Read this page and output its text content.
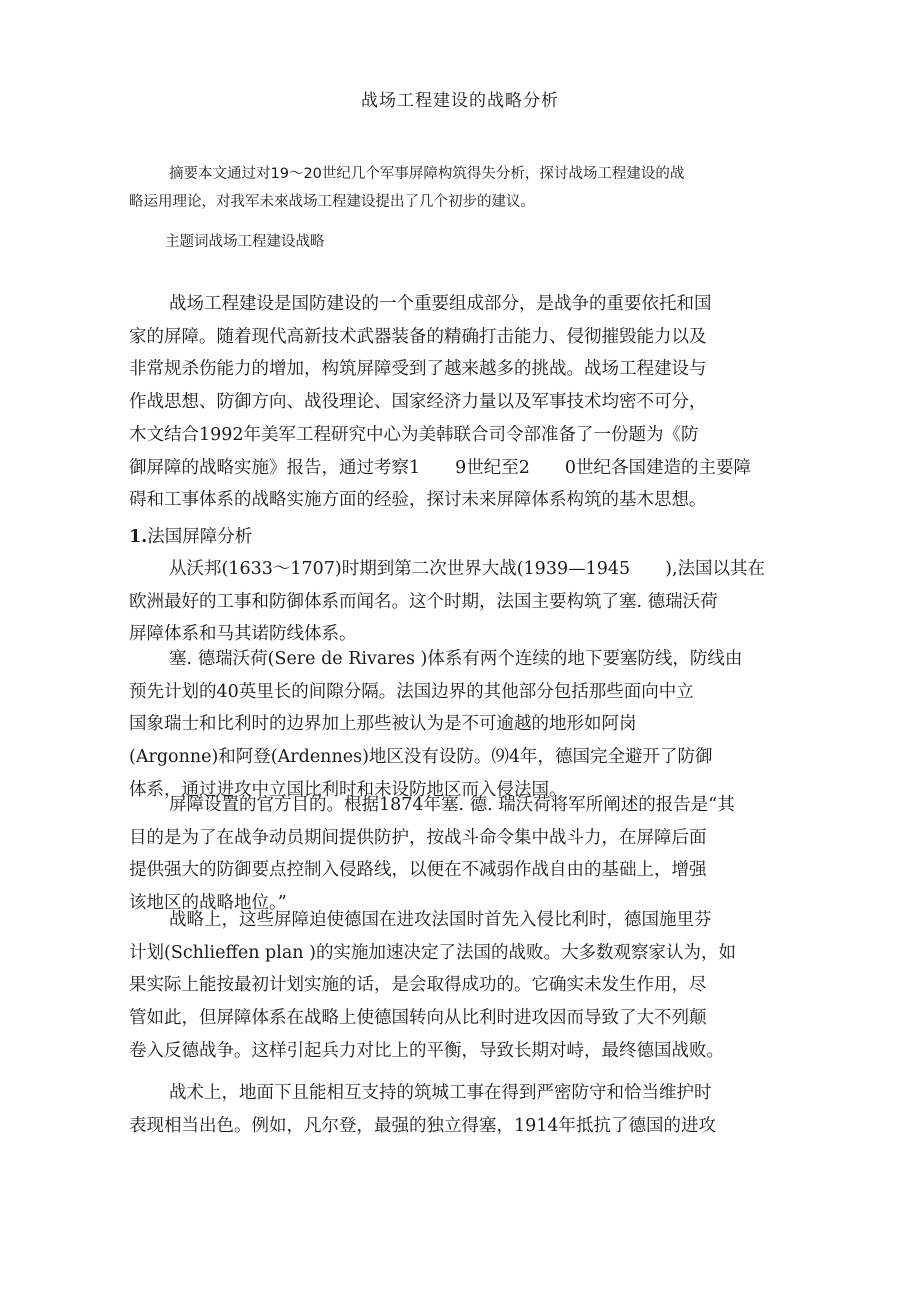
战场工程建设的战略分析
摘要本文通过对19～20世纪几个军事屏障构筑得失分析，探讨战场工程建设的战
略运用理论，对我军未來战场工程建设提出了几个初步的建议。
主题词战场工程建设战略
战场工程建设是国防建设的一个重要组成部分，是战争的重要依托和国
家的屏障。随着现代高新技术武器装备的精确打击能力、侵彻摧毁能力以及
非常规杀伤能力的增加，构筑屏障受到了越来越多的挑战。战场工程建设与
作战思想、防御方向、战役理论、国家经济力量以及军事技术均密不可分，
木文结合1992年美军工程研究中心为美韩联合司令部准备了一份题为《防
御屏障的战略实施》报告，通过考察1　　9世纪至2　　0世纪各国建造的主要障
碍和工事体系的战略实施方面的经验，探讨未来屏障体系构筑的基木思想。
1.法国屏障分析
从沃邦(1633～1707)时期到第二次世界大战(1939—1945　　),法国以其在
欧洲最好的工事和防御体系而闻名。这个时期，法国主要构筑了塞. 德瑞沃荷
屏障体系和马其诺防线体系。
塞. 德瑞沃荷(Sere de Rivares )体系有两个连续的地下要塞防线，防线由
预先计划的40英里长的间隙分隔。法国边界的其他部分包括那些面向中立
国象瑞士和比利时的边界加上那些被认为是不可逾越的地形如阿岗
(Argonne)和阿登(Ardennes)地区没有设防。⑼4年，德国完全避开了防御
体系，通过进攻中立国比利时和未设防地区而入侵法国。
屏障设置的官方目的。根据1874年塞. 德. 瑞沃荷将军所阐述的报告是“其
目的是为了在战争动员期间提供防护，按战斗命令集中战斗力，在屏障后面
提供强大的防御要点控制入侵路线，以便在不减弱作战自由的基础上，增强
该地区的战略地位。”
战略上，这些屏障迫使德国在进攻法国时首先入侵比利时，德国施里芬
计划(Schlieffen plan )的实施加速决定了法国的战败。大多数观察家认为，如
果实际上能按最初计划实施的话，是会取得成功的。它确实未发生作用，尽
管如此，但屏障体系在战略上使德国转向从比利时进攻因而导致了大不列颠
卷入反德战争。这样引起兵力对比上的平衡，导致长期对峙，最终德国战败。
战术上，地面下且能相互支持的筑城工事在得到严密防守和恰当维护时
表现相当出色。例如，凡尔登，最强的独立得塞，1914年抵抗了德国的进攻
